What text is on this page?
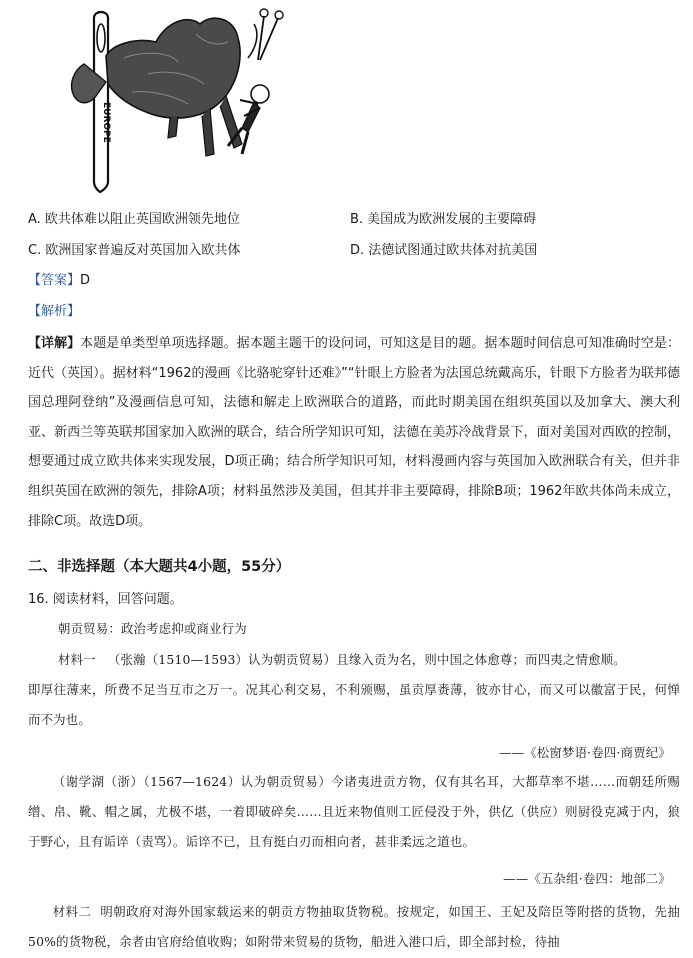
EUROPE
A. 欧共体难以阻止英国欧洲领先地位	B. 美国成为欧洲发展的主要障碍
C. 欧洲国家普遍反对英国加入欧共体	D. 法德试图通过欧共体对抗美国
【答案】D
【解析】
【详解】本题是单类型单项选择题。据本题主题干的设问词，可知这是目的题。据本题时间信息可知准确时空是：近代（英国）。据材料“1962的漫画《比骆驼穿针还难》”“针眼上方脸者为法国总统戴高乐，针眼下方脸者为联邦德国总理阿登纳”及漫画信息可知，法德和解走上欧洲联合的道路，而此时期美国在组织英国以及加拿大、澳大利亚、新西兰等英联邦国家加入欧洲的联合，结合所学知识可知，法德在美苏冷战背景下，面对美国对西欧的控制，想要通过成立欧共体来实现发展，D项正确；结合所学知识可知，材料漫画内容与英国加入欧洲联合有关，但并非组织英国在欧洲的领先，排除A项；材料虽然涉及美国，但其并非主要障碍，排除B项；1962年欧共体尚未成立，排除C项。故选D项。
二、非选择题（本大题共4小题，55分）
16. 阅读材料，回答问题。
朝贡贸易：政治考虑抑或商业行为
材料一 （张瀚（1510—1593）认为朝贡贸易）且缘入贡为名，则中国之体愈尊；而四夷之情愈顺。
即厚往薄来，所费不足当互市之万一。况其心利交易，不利颁赐，虽贡厚赉薄，彼亦甘心，而又可以徽富于民，何惮而不为也。
——《松窗梦语·卷四·商贾纪》
（谢学湖（浙）（1567—1624）认为朝贡贸易）今诸夷进贡方物，仅有其名耳，大都草率不堪……而朝廷所赐缯、帛、靴、帽之属，尤极不堪，一着即破碎矣……且近来物值则工匠侵没于外，供亿（供应）则厨役克减于内，狼于野心，且有诟谇（责骂）。诟谇不已，且有挺白刃而相向者，甚非柔远之道也。
——《五杂组·卷四：地部二》
材料二 明朝政府对海外国家载运来的朝贡方物抽取货物税。按规定，如国王、王妃及陪臣等附搭的货物，先抽50%的货物税，余者由官府给值收购；如附带来贸易的货物，船进入港口后，即全部封检，待抽
